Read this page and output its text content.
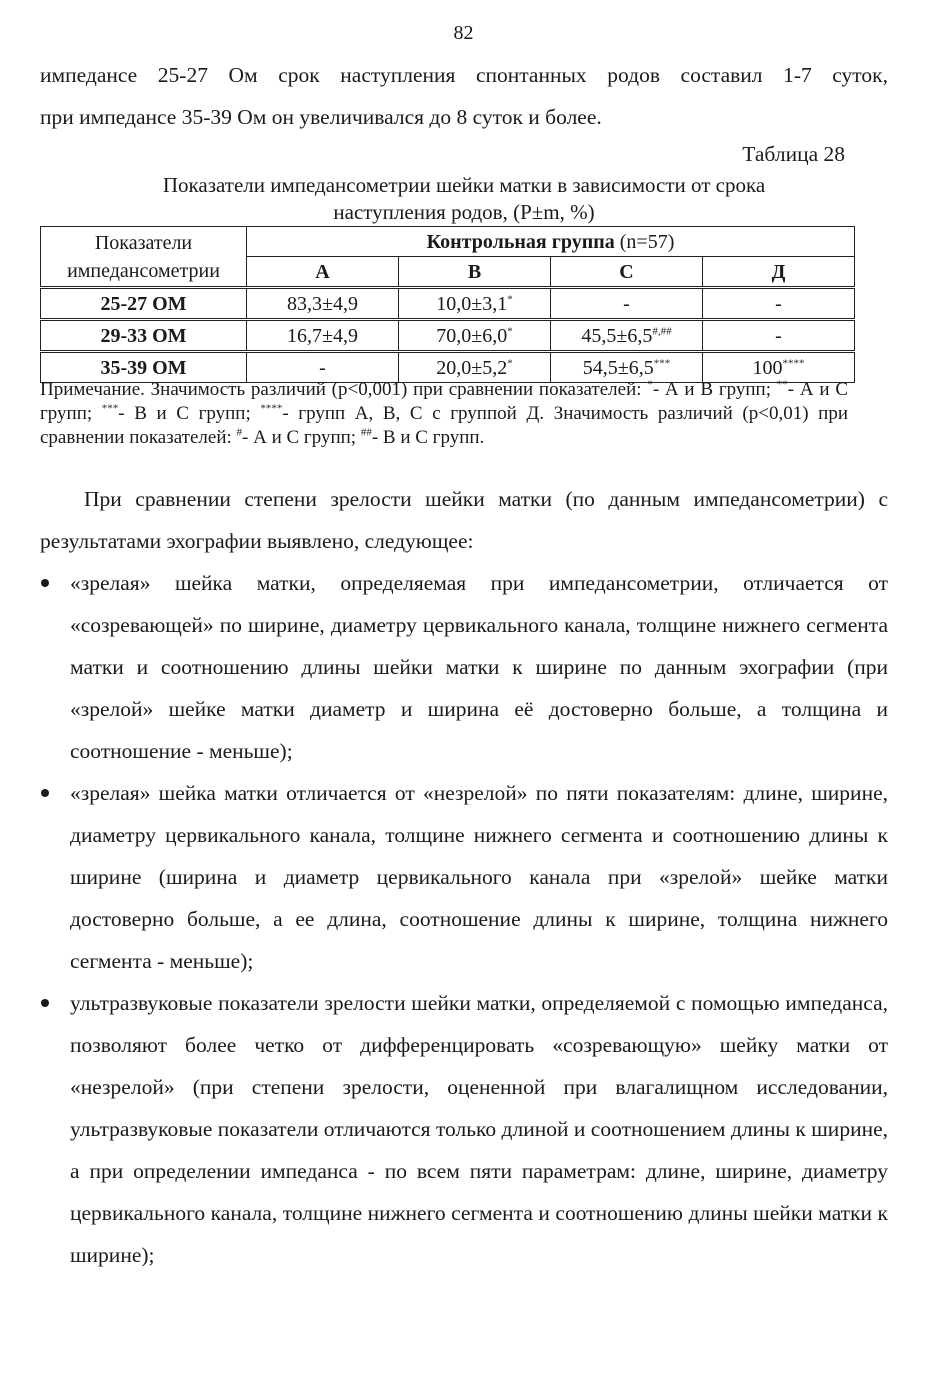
82

импедансе 25-27 Ом срок наступления спонтанных родов составил 1-7 суток,

при импедансе 35-39 Ом он увеличивался до 8 суток и более.

Таблица 28
Показатели импедансометрии шейки матки в зависимости от срока
наступления родов, (P±m, %)
Показатели
импедансометрии	Контрольная группа (n=57)			
	А	В	С	Д
25-27 ОМ	83,3±4,9	10,0±3,1*	-	-
29-33 ОМ	16,7±4,9	70,0±6,0*	45,5±6,5#,##	-
35-39 ОМ	-	20,0±5,2*	54,5±6,5***	100****

Примечание. Значимость различий (р<0,001) при сравнении показателей: *- А и В групп; **- А и С групп; ***- В и С групп; ****- групп А, В, С с группой Д. Значимость различий (р<0,01) при сравнении показателей: #- А и С групп; ##- В и С групп.

При сравнении степени зрелости шейки матки (по данным импедансометрии) с результатами эхографии выявлено, следующее:

«зрелая» шейка матки, определяемая при импедансометрии, отличается от «созревающей» по ширине, диаметру цервикального канала, толщине нижнего сегмента матки и соотношению длины шейки матки к ширине по данным эхографии (при «зрелой» шейке матки диаметр и ширина её достоверно больше, а толщина и соотношение - меньше);
«зрелая» шейка матки отличается от «незрелой» по пяти показателям: длине, ширине, диаметру цервикального канала, толщине нижнего сегмента и соотношению длины к ширине (ширина и диаметр цервикального канала при «зрелой» шейке матки достоверно больше, а ее длина, соотношение длины к ширине, толщина нижнего сегмента - меньше);
ультразвуковые показатели зрелости шейки матки, определяемой с помощью импеданса, позволяют более четко от дифференцировать «созревающую» шейку матки от «незрелой» (при степени зрелости, оцененной при влагалищном исследовании, ультразвуковые показатели отличаются только длиной и соотношением длины к ширине, а при определении импеданса - по всем пяти параметрам: длине, ширине, диаметру цервикального канала, толщине нижнего сегмента и соотношению длины шейки матки к ширине);
